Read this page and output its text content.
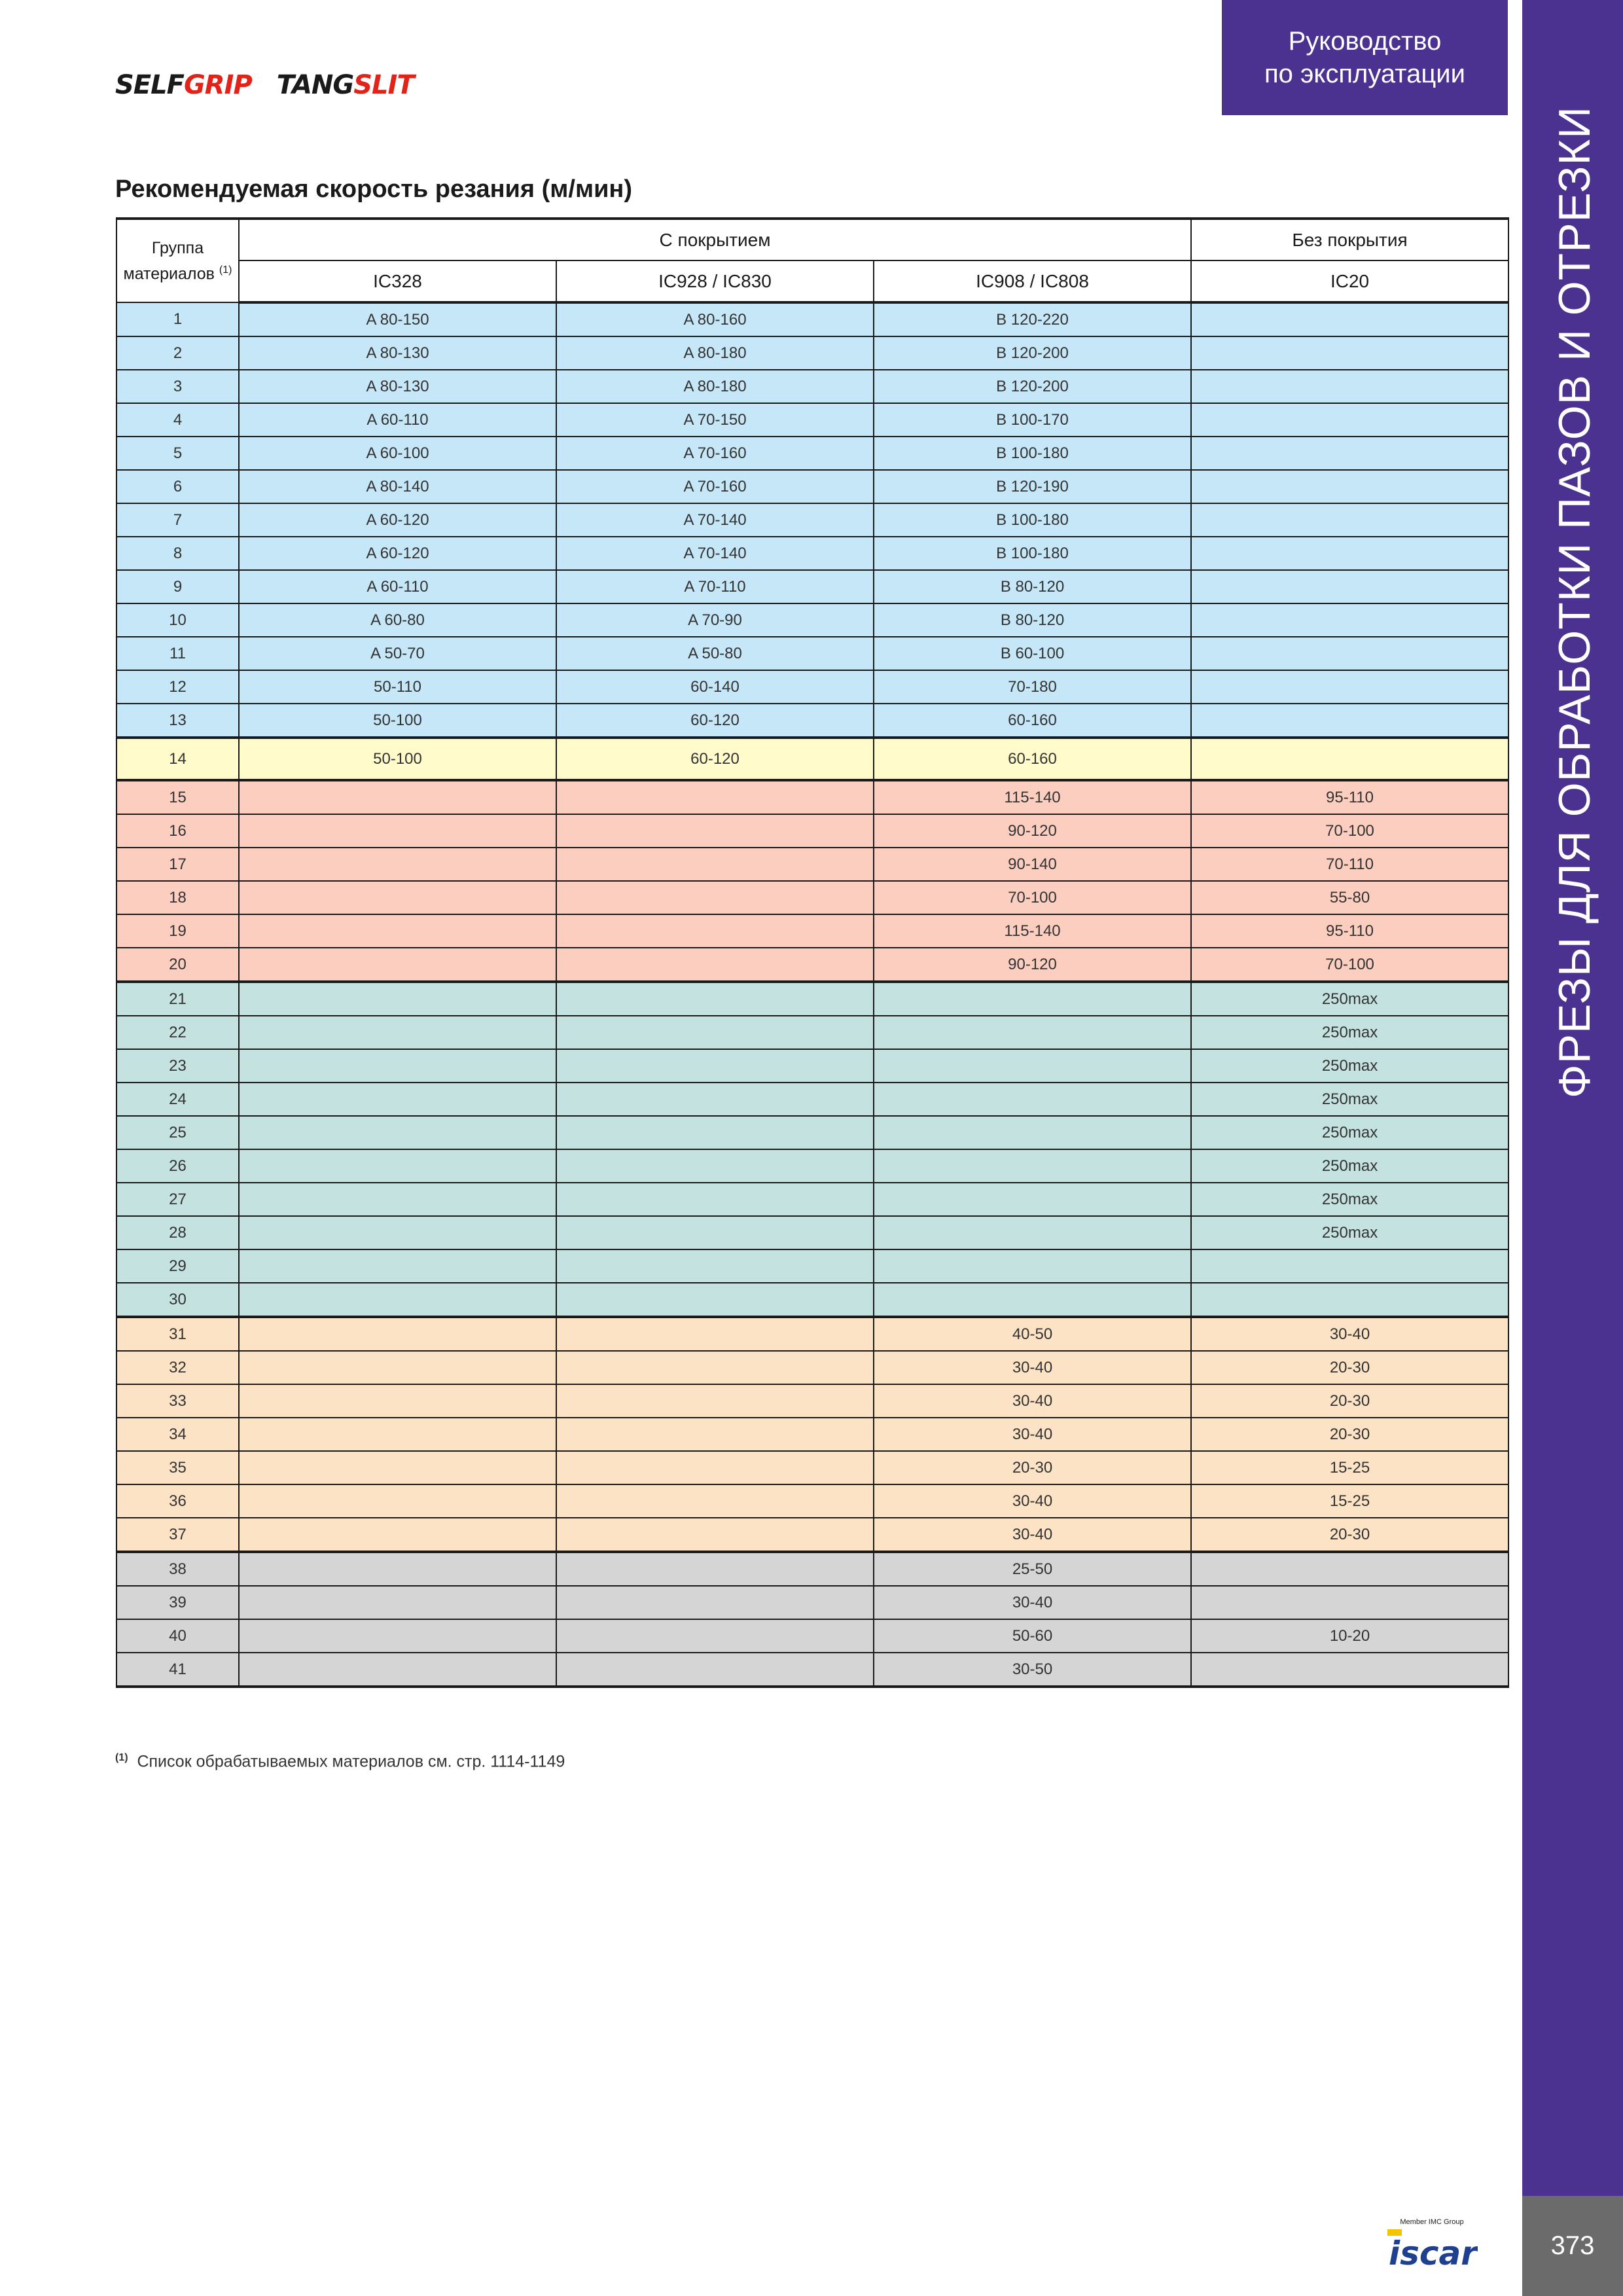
SELFGRIP TANGSLIT
Руководство
по эксплуатации
ФРЕЗЫ ДЛЯ ОБРАБОТКИ ПАЗОВ И ОТРЕЗКИ
Member IMC Group
iscar	373
Рекомендуемая скорость резания (м/мин)
Группа
материалов $^{(1)}$	С покрытием			Без покрытия
	IC328	IC928 / IC830	IC908 / IC808	IC20
1	A 80-150	A 80-160	B 120-220	
2	A 80-130	A 80-180	B 120-200	
3	A 80-130	A 80-180	B 120-200	
4	A 60-110	A 70-150	B 100-170	
5	A 60-100	A 70-160	B 100-180	
6	A 80-140	A 70-160	B 120-190	
7	A 60-120	A 70-140	B 100-180	
8	A 60-120	A 70-140	B 100-180	
9	A 60-110	A 70-110	B 80-120	
10	A 60-80	A 70-90	B 80-120	
11	A 50-70	A 50-80	B 60-100	
12	50-110	60-140	70-180	
13	50-100	60-120	60-160	
14	50-100	60-120	60-160	
15			115-140	95-110
16			90-120	70-100
17			90-140	70-110
18			70-100	55-80
19			115-140	95-110
20			90-120	70-100
21				250max
22				250max
23				250max
24				250max
25				250max
26				250max
27				250max
28				250max
29				
30				
31			40-50	30-40
32			30-40	20-30
33			30-40	20-30
34			30-40	20-30
35			20-30	15-25
36			30-40	15-25
37			30-40	20-30
38			25-50	
39			30-40	
40			50-60	10-20
41			30-50	
$^{(1)}$ Список обрабатываемых материалов см. стр. 1114-1149
